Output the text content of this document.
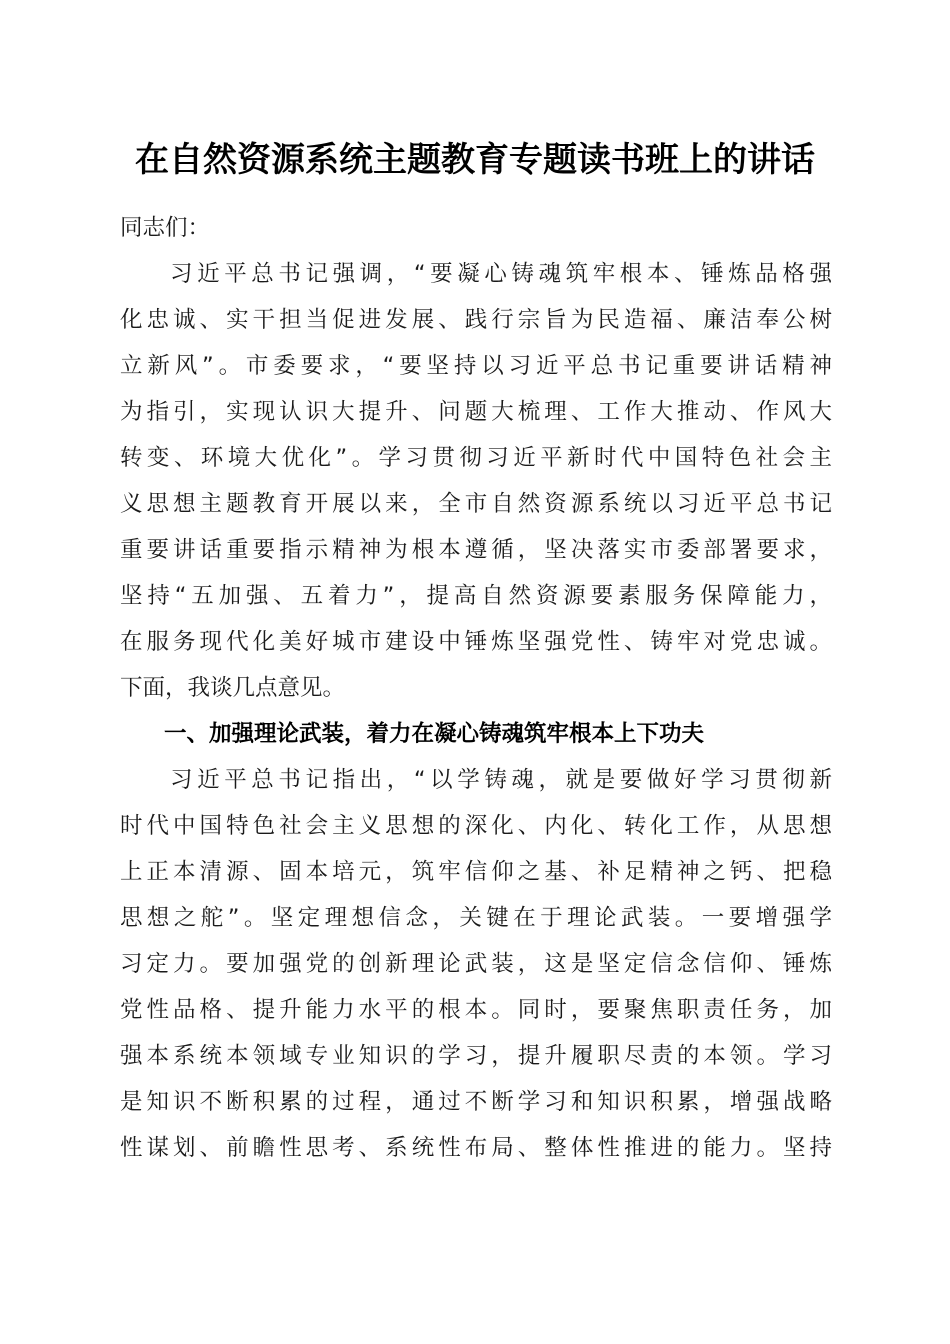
在自然资源系统主题教育专题读书班上的讲话
同志们：
习近平总书记强调，“要凝心铸魂筑牢根本、锤炼品格强
化忠诚、实干担当促进发展、践行宗旨为民造福、廉洁奉公树
立新风”。市委要求，“要坚持以习近平总书记重要讲话精神
为指引，实现认识大提升、问题大梳理、工作大推动、作风大
转变、环境大优化”。学习贯彻习近平新时代中国特色社会主
义思想主题教育开展以来，全市自然资源系统以习近平总书记
重要讲话重要指示精神为根本遵循，坚决落实市委部署要求，
坚持“五加强、五着力”，提高自然资源要素服务保障能力，
在服务现代化美好城市建设中锤炼坚强党性、铸牢对党忠诚。
下面，我谈几点意见。
一、加强理论武装，着力在凝心铸魂筑牢根本上下功夫
习近平总书记指出，“以学铸魂，就是要做好学习贯彻新
时代中国特色社会主义思想的深化、内化、转化工作，从思想
上正本清源、固本培元，筑牢信仰之基、补足精神之钙、把稳
思想之舵”。坚定理想信念，关键在于理论武装。一要增强学
习定力。要加强党的创新理论武装，这是坚定信念信仰、锤炼
党性品格、提升能力水平的根本。同时，要聚焦职责任务，加
强本系统本领域专业知识的学习，提升履职尽责的本领。学习
是知识不断积累的过程，通过不断学习和知识积累，增强战略
性谋划、前瞻性思考、系统性布局、整体性推进的能力。坚持
